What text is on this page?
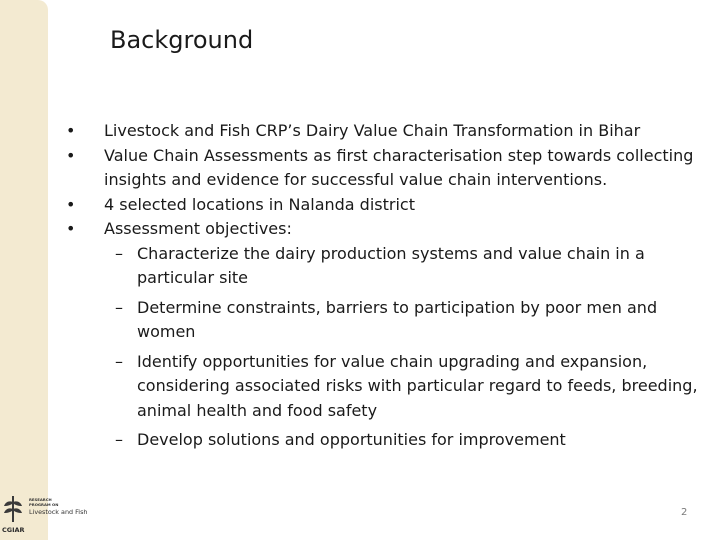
Background
• Livestock and Fish CRP’s Dairy Value Chain Transformation in Bihar
• Value Chain Assessments as first characterisation step towards collecting insights and evidence for successful value chain interventions.
• 4 selected locations in Nalanda district
• Assessment objectives:
– Characterize the dairy production systems and value chain in a particular site
– Determine constraints, barriers to participation by poor men and women
– Identify opportunities for value chain upgrading and expansion, considering associated risks with particular regard to feeds, breeding, animal health and food safety
– Develop solutions and opportunities for improvement
CGIAR
RESEARCH PROGRAM ON
Livestock and Fish	2
